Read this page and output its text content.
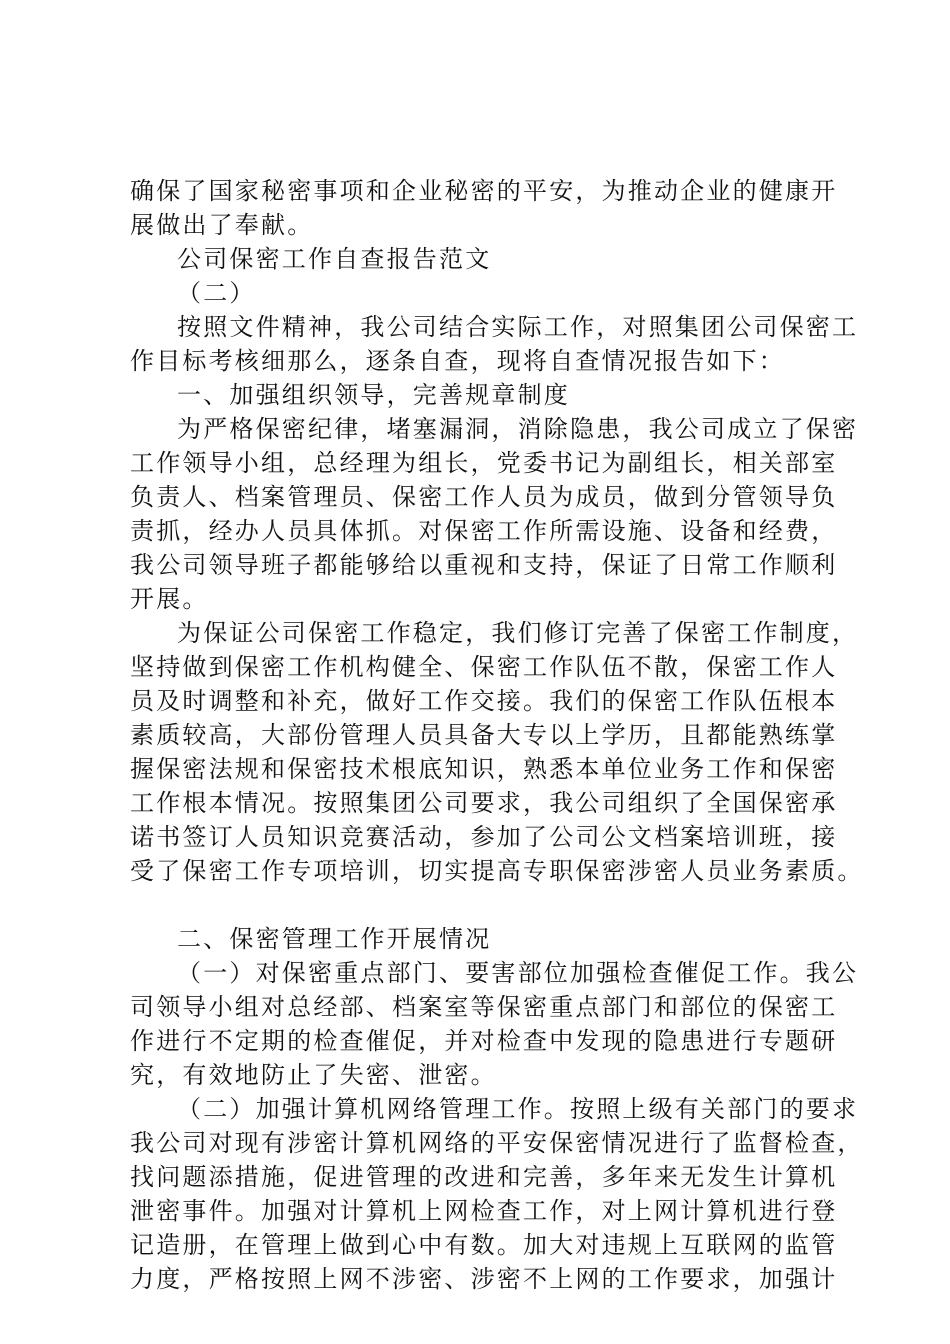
确保了国家秘密事项和企业秘密的平安，为推动企业的健康开
展做出了奉献。
公司保密工作自查报告范文
（二）
按照文件精神，我公司结合实际工作，对照集团公司保密工
作目标考核细那么，逐条自查，现将自查情况报告如下：
一、加强组织领导，完善规章制度
为严格保密纪律，堵塞漏洞，消除隐患，我公司成立了保密
工作领导小组，总经理为组长，党委书记为副组长，相关部室
负责人、档案管理员、保密工作人员为成员，做到分管领导负
责抓，经办人员具体抓。对保密工作所需设施、设备和经费，
我公司领导班子都能够给以重视和支持，保证了日常工作顺利
开展。
为保证公司保密工作稳定，我们修订完善了保密工作制度，
坚持做到保密工作机构健全、保密工作队伍不散，保密工作人
员及时调整和补充，做好工作交接。我们的保密工作队伍根本
素质较高，大部份管理人员具备大专以上学历，且都能熟练掌
握保密法规和保密技术根底知识，熟悉本单位业务工作和保密
工作根本情况。按照集团公司要求，我公司组织了全国保密承
诺书签订人员知识竞赛活动，参加了公司公文档案培训班，接
受了保密工作专项培训，切实提高专职保密涉密人员业务素质。
二、保密管理工作开展情况
（一）对保密重点部门、要害部位加强检查催促工作。我公
司领导小组对总经部、档案室等保密重点部门和部位的保密工
作进行不定期的检查催促，并对检查中发现的隐患进行专题研
究，有效地防止了失密、泄密。
（二）加强计算机网络管理工作。按照上级有关部门的要求
我公司对现有涉密计算机网络的平安保密情况进行了监督检查，
找问题添措施，促进管理的改进和完善，多年来无发生计算机
泄密事件。加强对计算机上网检查工作，对上网计算机进行登
记造册，在管理上做到心中有数。加大对违规上互联网的监管
力度，严格按照上网不涉密、涉密不上网的工作要求，加强计
